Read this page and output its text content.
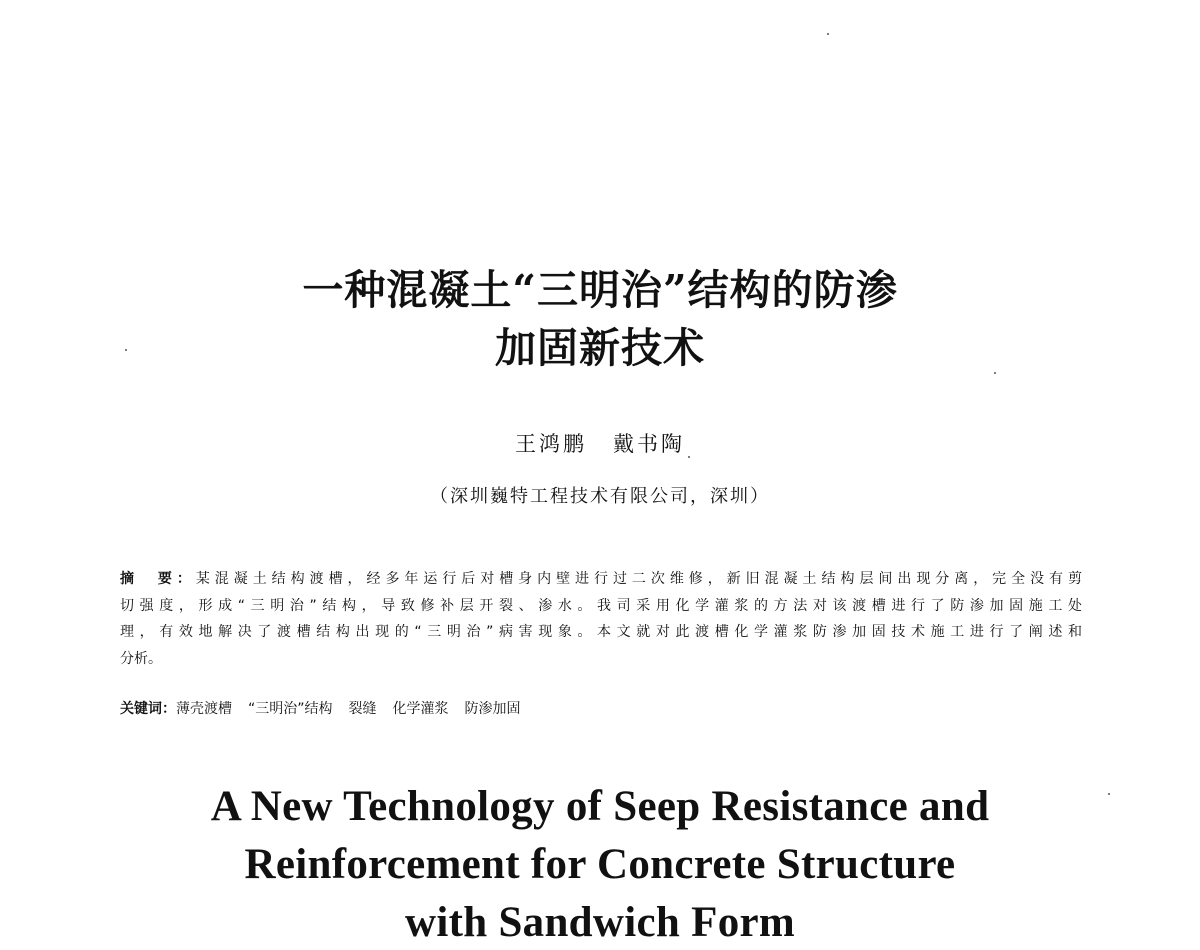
一种混凝土“三明治”结构的防渗
加固新技术
王鸿鹏 戴书陶
（深圳巍特工程技术有限公司，深圳）
摘　要：某混凝土结构渡槽，经多年运行后对槽身内壁进行过二次维修，新旧混凝土结构层间出现分离，完全没有剪
切强度，形成“三明治”结构，导致修补层开裂、渗水。我司采用化学灌浆的方法对该渡槽进行了防渗加固施工处
理，有效地解决了渡槽结构出现的“三明治”病害现象。本文就对此渡槽化学灌浆防渗加固技术施工进行了阐述和
分析。
关键词：薄壳渡槽 “三明治”结构 裂缝 化学灌浆 防渗加固
A New Technology of Seep Resistance and
Reinforcement for Concrete Structure
with Sandwich Form
